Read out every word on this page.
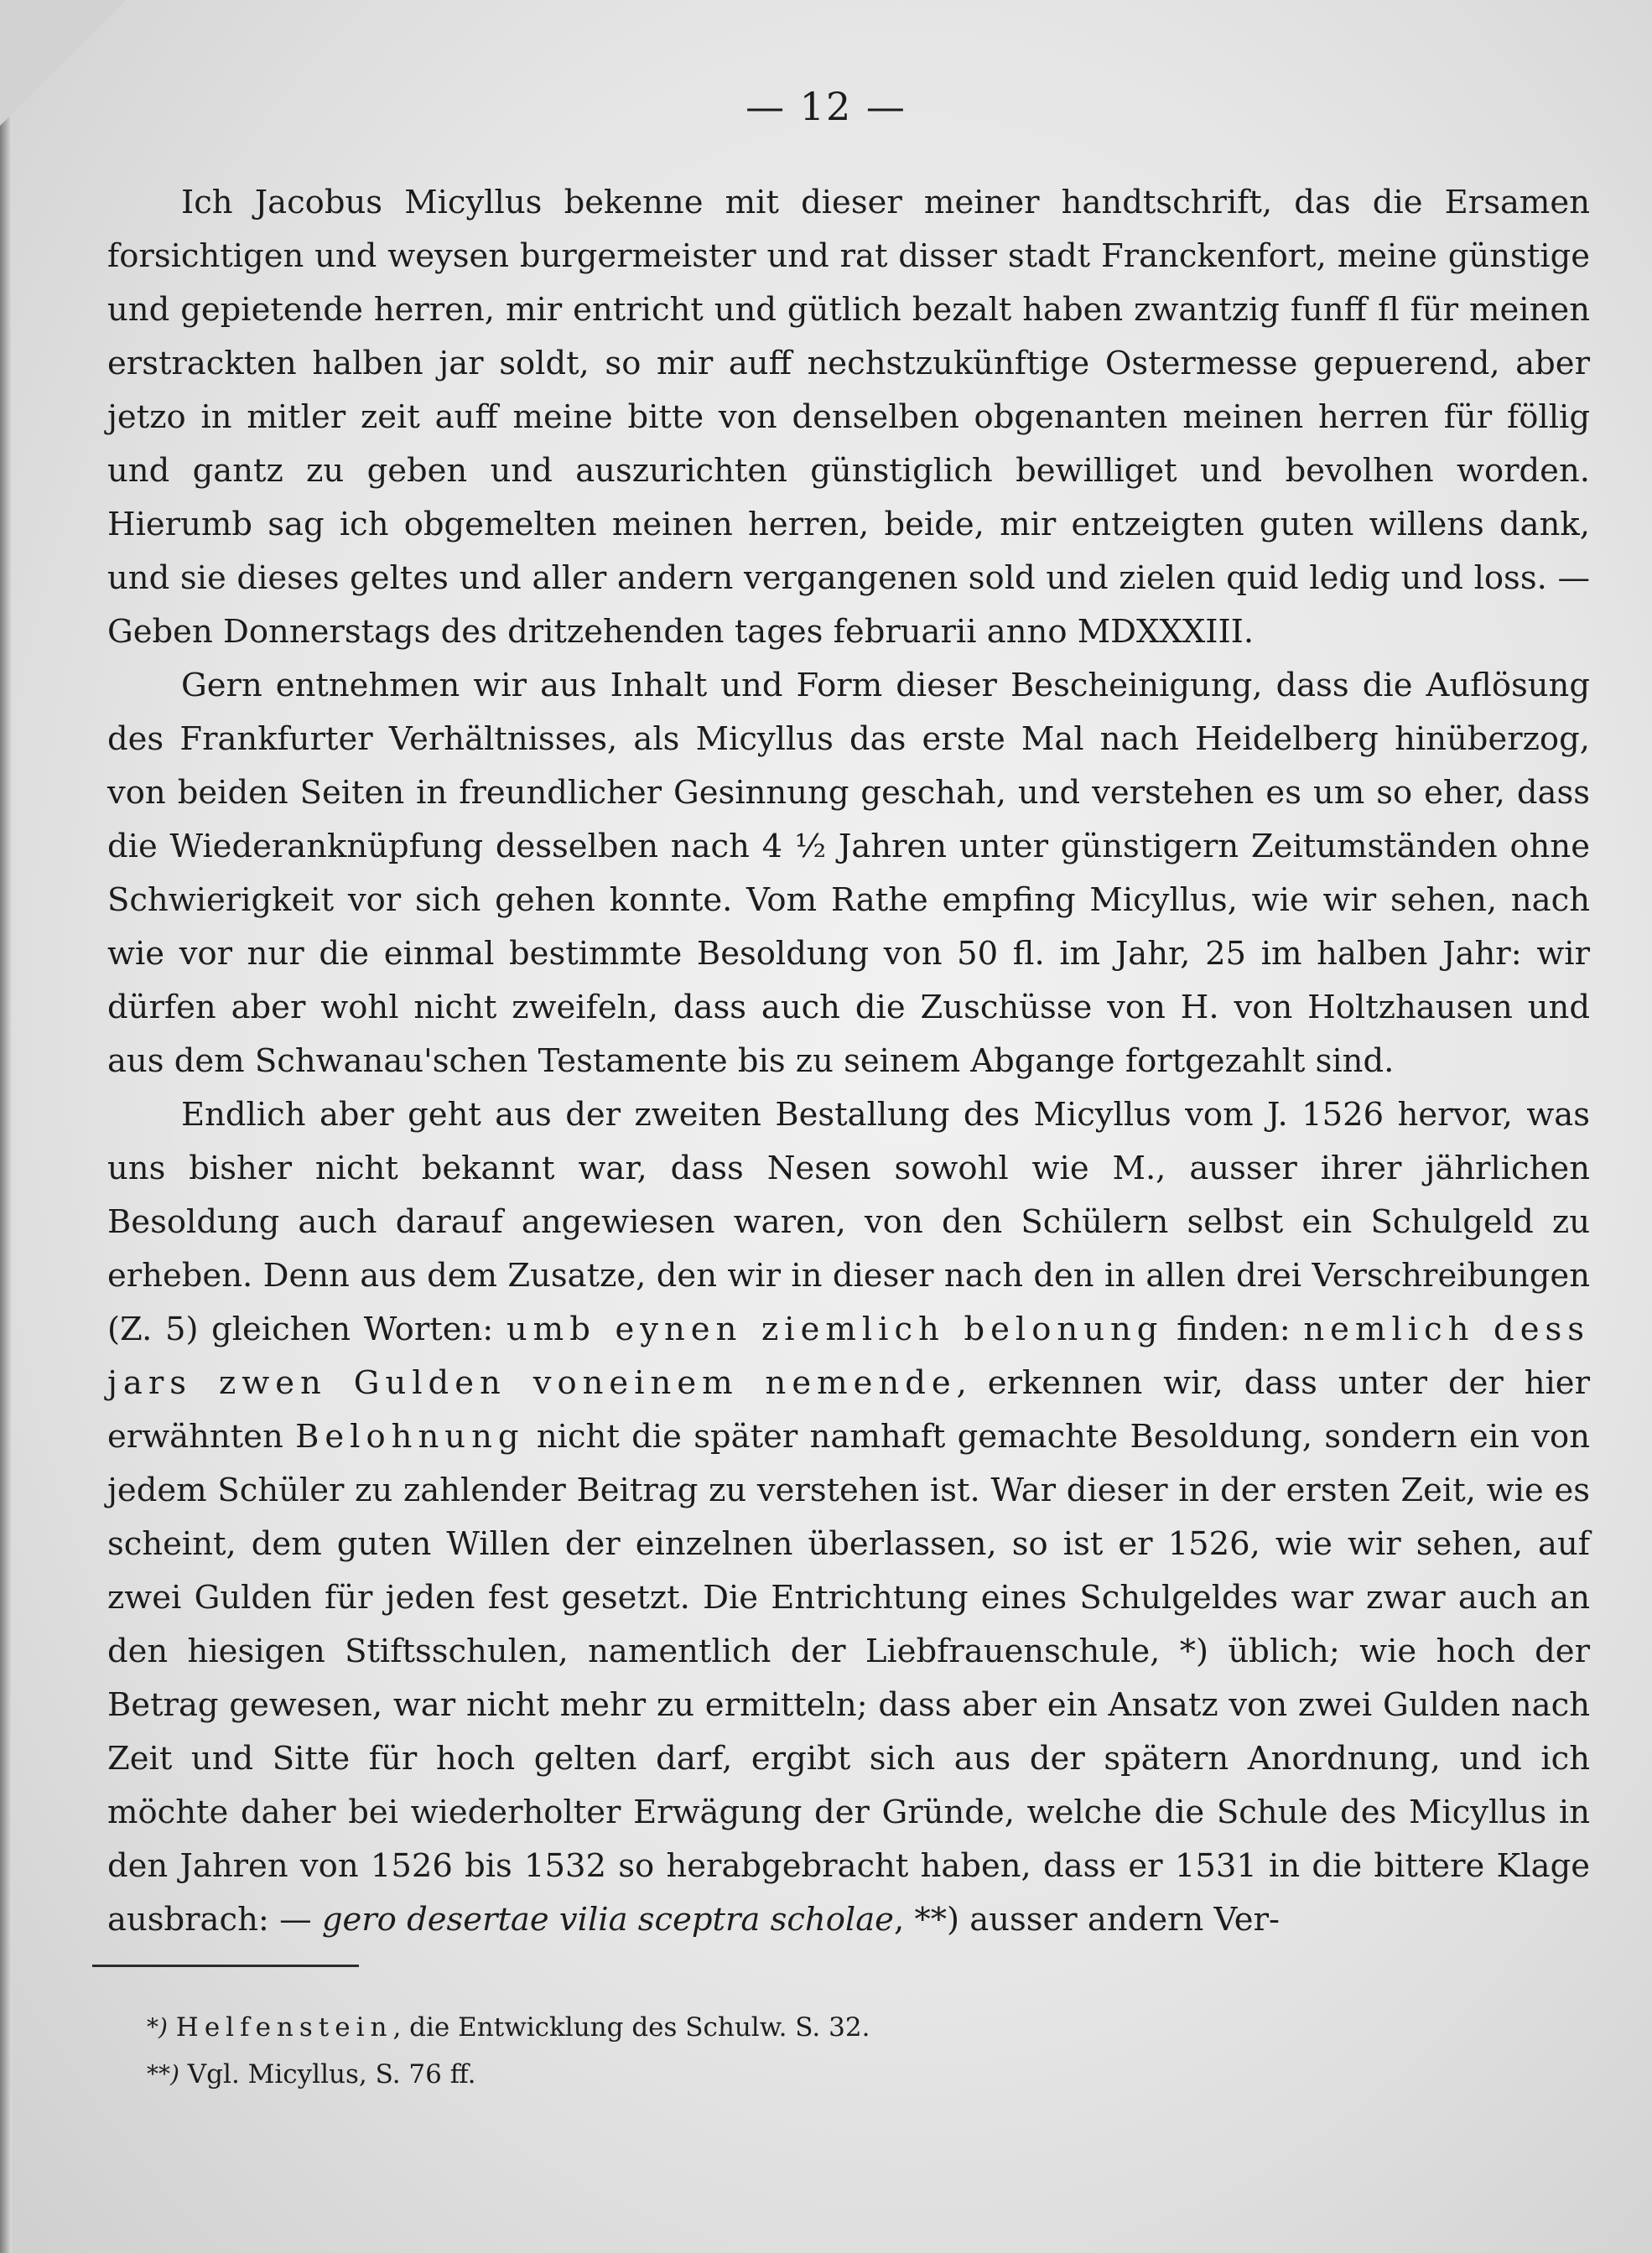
— 12 —

Ich Jacobus Micyllus bekenne mit dieser meiner handtschrift, das die Ersamen forsichtigen und weysen burgermeister und rat disser stadt Franckenfort, meine günstige und gepietende herren, mir entricht und gütlich bezalt haben zwantzig funff fl für meinen erstrackten halben jar soldt, so mir auff nechstzukünftige Ostermesse gepuerend, aber jetzo in mitler zeit auff meine bitte von denselben obgenanten meinen herren für föllig und gantz zu geben und auszurichten günstiglich bewilliget und bevolhen worden. Hierumb sag ich obgemelten meinen herren, beide, mir entzeigten guten willens dank, und sie dieses geltes und aller andern vergangenen sold und zielen quid ledig und loss. — Geben Donnerstags des dritzehenden tages februarii anno MDXXXIII.

Gern entnehmen wir aus Inhalt und Form dieser Bescheinigung, dass die Auflösung des Frankfurter Verhältnisses, als Micyllus das erste Mal nach Heidelberg hinüberzog, von beiden Seiten in freundlicher Gesinnung geschah, und verstehen es um so eher, dass die Wiederanknüpfung desselben nach 4 ½ Jahren unter günstigern Zeitumständen ohne Schwierigkeit vor sich gehen konnte. Vom Rathe empfing Micyllus, wie wir sehen, nach wie vor nur die einmal bestimmte Besoldung von 50 fl. im Jahr, 25 im halben Jahr: wir dürfen aber wohl nicht zweifeln, dass auch die Zuschüsse von H. von Holtzhausen und aus dem Schwanau'schen Testamente bis zu seinem Abgange fortgezahlt sind.

Endlich aber geht aus der zweiten Bestallung des Micyllus vom J. 1526 hervor, was uns bisher nicht bekannt war, dass Nesen sowohl wie M., ausser ihrer jährlichen Besoldung auch darauf angewiesen waren, von den Schülern selbst ein Schulgeld zu erheben. Denn aus dem Zusatze, den wir in dieser nach den in allen drei Verschreibungen (Z. 5) gleichen Worten: umb eynen ziemlich belonung finden: nemlich dess jars zwen Gulden voneinem nemende, erkennen wir, dass unter der hier erwähnten Belohnung nicht die später namhaft gemachte Besoldung, sondern ein von jedem Schüler zu zahlender Beitrag zu verstehen ist. War dieser in der ersten Zeit, wie es scheint, dem guten Willen der einzelnen überlassen, so ist er 1526, wie wir sehen, auf zwei Gulden für jeden fest gesetzt. Die Entrichtung eines Schulgeldes war zwar auch an den hiesigen Stiftsschulen, namentlich der Liebfrauenschule, *) üblich; wie hoch der Betrag gewesen, war nicht mehr zu ermitteln; dass aber ein Ansatz von zwei Gulden nach Zeit und Sitte für hoch gelten darf, ergibt sich aus der spätern Anordnung, und ich möchte daher bei wiederholter Erwägung der Gründe, welche die Schule des Micyllus in den Jahren von 1526 bis 1532 so herabgebracht haben, dass er 1531 in die bittere Klage ausbrach: — gero desertae vilia sceptra scholae, **) ausser andern Ver-

*) Helfenstein, die Entwicklung des Schulw. S. 32.

**) Vgl. Micyllus, S. 76 ff.
